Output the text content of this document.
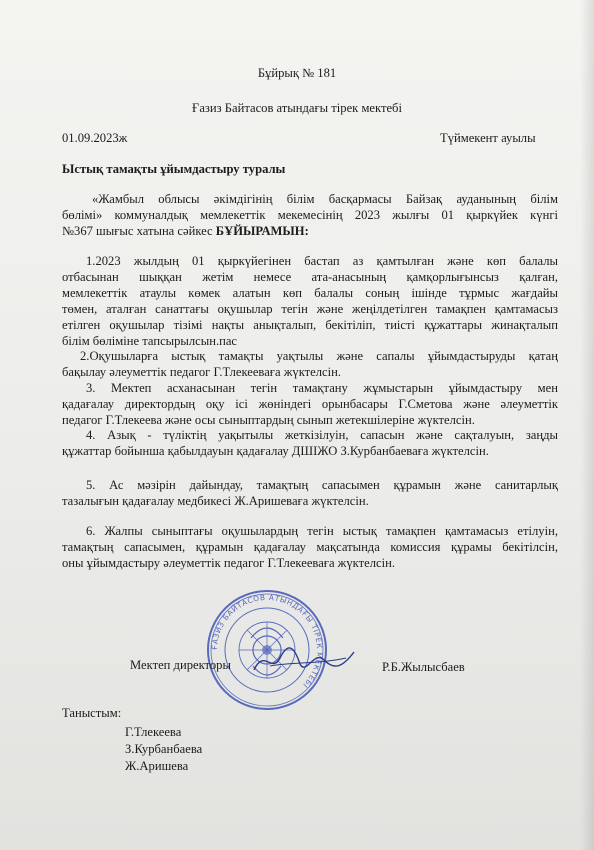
Бұйрық № 181
Ғазиз Байтасов атындағы тірек мектебі
01.09.2023ж	Түймекент ауылы
Ыстық тамақты ұйымдастыру туралы
«Жамбыл облысы әкімдігінің білім басқармасы Байзақ ауданының білім
бөлімі» коммуналдық мемлекеттік мекемесінің 2023 жылғы 01 қыркүйек күнгі
№367 шығыс хатына сәйкес БҰЙЫРАМЫН:
1.2023 жылдың 01 қыркүйегінен бастап аз қамтылған және көп балалы
отбасынан шыққан жетім немесе ата-анасының қамқорлығынсыз қалған,
мемлекеттік атаулы көмек алатын көп балалы соның ішінде тұрмыс жағдайы
төмен, аталған санаттағы оқушылар тегін және жеңілдетілген тамақпен қамтамасыз
етілген оқушылар тізімі нақты анықталып, бекітіліп, тиісті құжаттары жинақталып
білім бөліміне тапсырылсын.пас
2.Оқушыларға ыстық тамақты уақтылы және сапалы ұйымдастыруды қатаң
бақылау әлеуметтік педагог Г.Тлекееваға жүктелсін.
3. Мектеп асханасынан тегін тамақтану жұмыстарын ұйымдастыру мен
қадағалау директордың оқу ісі жөніндегі орынбасары Г.Сметова және әлеуметтік
педагог Г.Тлекеева және осы сыныптардың сынып жетекшілеріне жүктелсін.
4. Азық - түліктің уақытылы жеткізілуін, сапасын және сақталуын, заңды
құжаттар бойынша қабылдауын қадағалау ДШІЖО З.Курбанбаеваға жүктелсін.
5. Ас мәзірін дайындау, тамақтың сапасымен құрамын және санитарлық
тазалығын қадағалау медбикесі Ж.Аришеваға жүктелсін.
6. Жалпы сыныптағы оқушылардың тегін ыстық тамақпен қамтамасыз етілуін,
тамақтың сапасымен, құрамын қадағалау мақсатында комиссия құрамы бекітілсін,
оны ұйымдастыру әлеуметтік педагог Г.Тлекееваға жүктелсін.
ҒАЗИЗ БАЙТАСОВ АТЫНДАҒЫ ТІРЕК МЕКТЕБІ
Мектеп директоры	Р.Б.Жылысбаев
Таныстым:
Г.Тлекеева
З.Курбанбаева
Ж.Аришева
